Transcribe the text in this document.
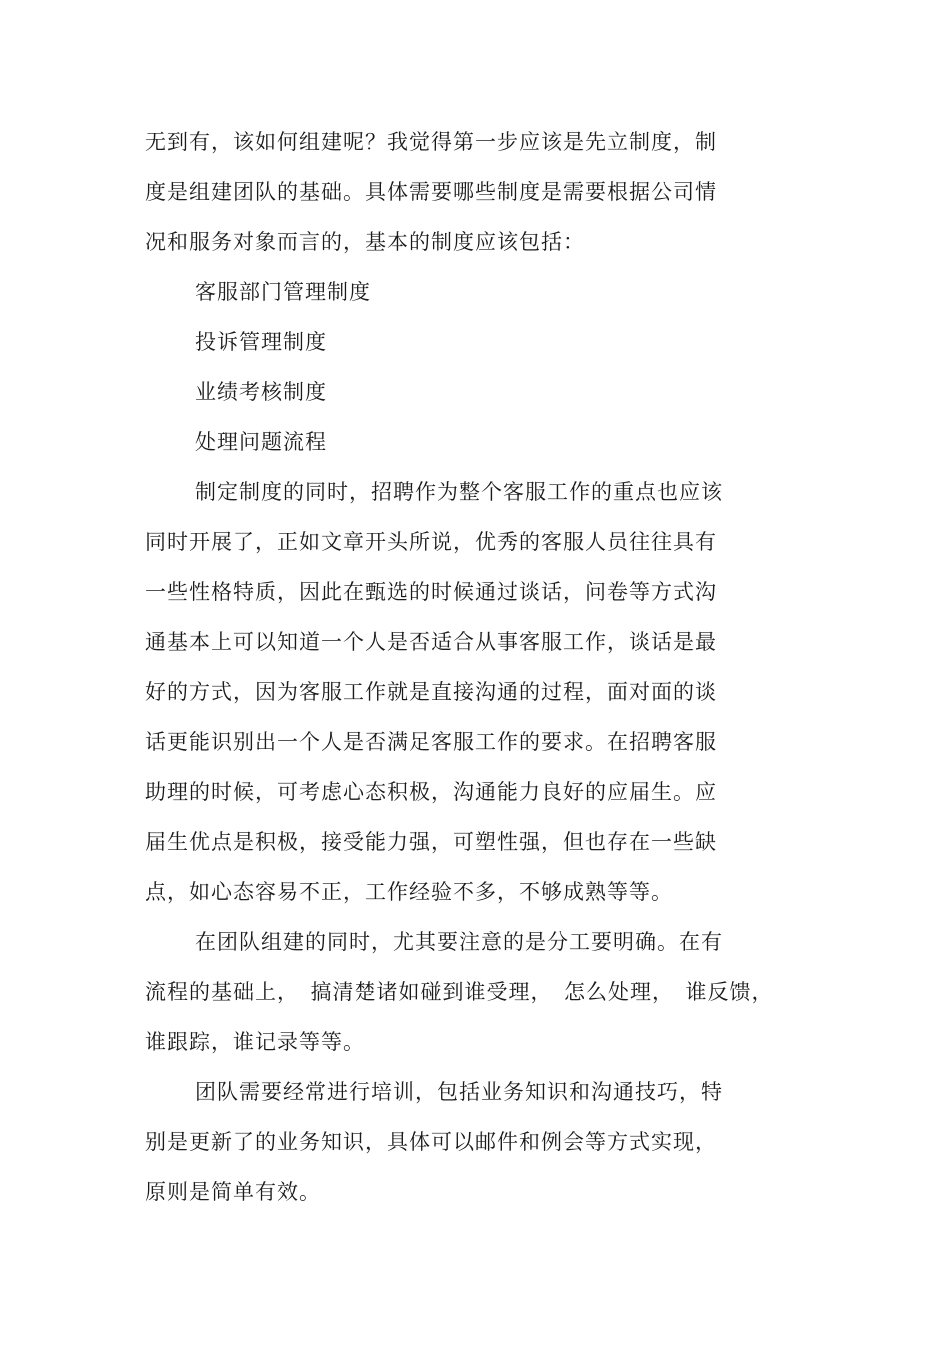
无到有，该如何组建呢？我觉得第一步应该是先立制度，制
度是组建团队的基础。具体需要哪些制度是需要根据公司情
况和服务对象而言的，基本的制度应该包括：
客服部门管理制度
投诉管理制度
业绩考核制度
处理问题流程
制定制度的同时，招聘作为整个客服工作的重点也应该
同时开展了，正如文章开头所说，优秀的客服人员往往具有
一些性格特质，因此在甄选的时候通过谈话，问卷等方式沟
通基本上可以知道一个人是否适合从事客服工作，谈话是最
好的方式，因为客服工作就是直接沟通的过程，面对面的谈
话更能识别出一个人是否满足客服工作的要求。在招聘客服
助理的时候，可考虑心态积极，沟通能力良好的应届生。应
届生优点是积极，接受能力强，可塑性强，但也存在一些缺
点，如心态容易不正，工作经验不多，不够成熟等等。
在团队组建的同时，尤其要注意的是分工要明确。在有
流程的基础上，　搞清楚诸如碰到谁受理，　怎么处理，　谁反馈，
谁跟踪，谁记录等等。
团队需要经常进行培训，包括业务知识和沟通技巧，特
别是更新了的业务知识，具体可以邮件和例会等方式实现，
原则是简单有效。
